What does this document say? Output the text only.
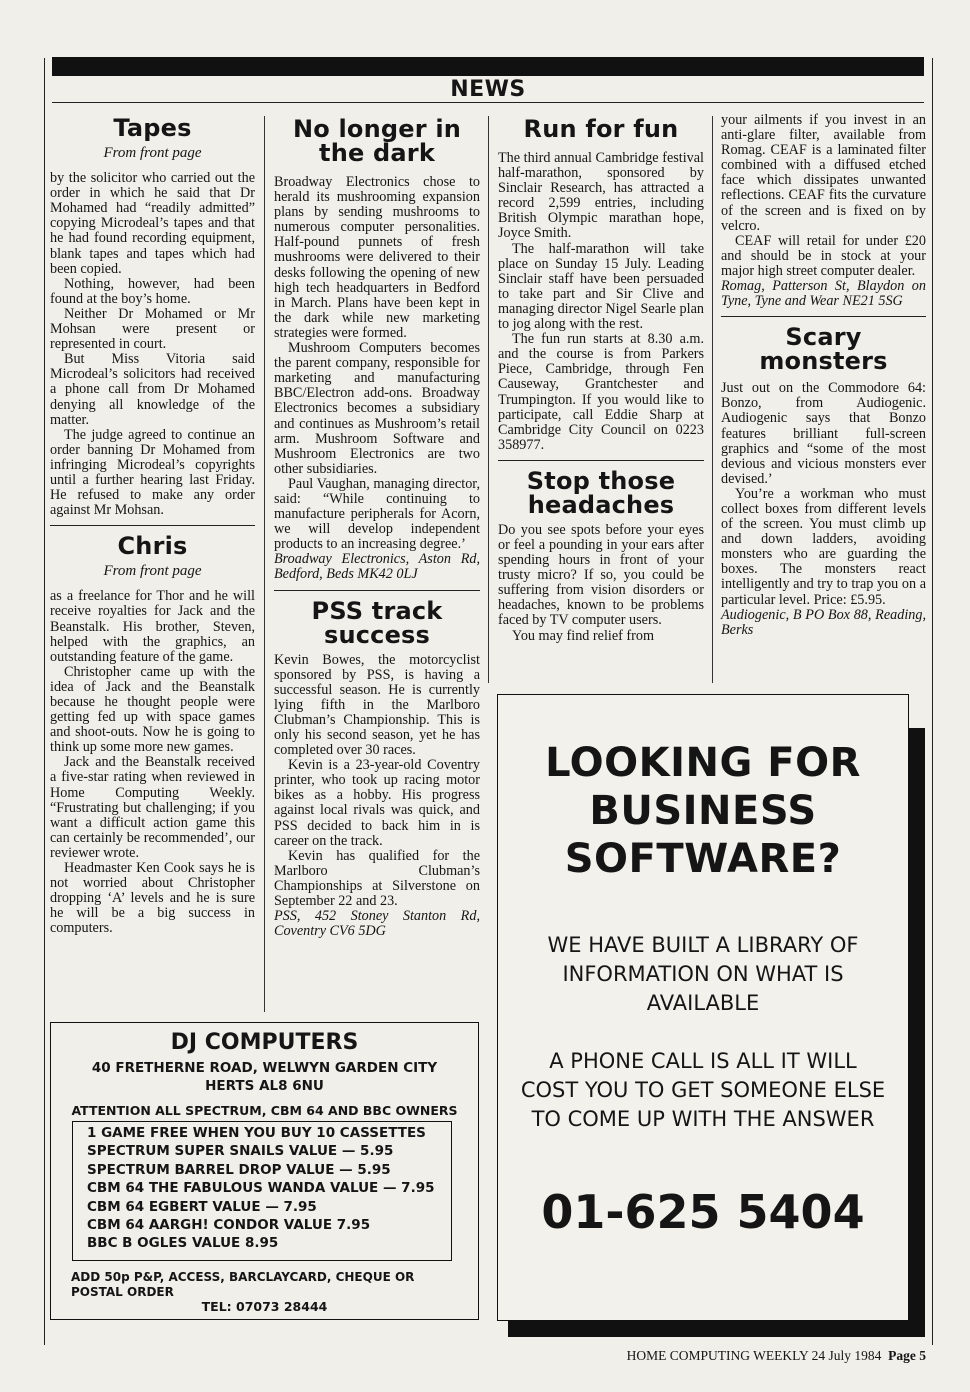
NEWS
Tapes
From front page

by the solicitor who carried out the order in which he said that Dr Mohamed had “readily admitted” copying Microdeal’s tapes and that he had found recording equipment, blank tapes and tapes which had been copied.

Nothing, however, had been found at the boy’s home.

Neither Dr Mohamed or Mr Mohsan were present or represented in court.

But Miss Vitoria said Microdeal’s solicitors had received a phone call from Dr Mohamed denying all knowledge of the matter.

The judge agreed to continue an order banning Dr Mohamed from infringing Microdeal’s copyrights until a further hearing last Friday. He refused to make any order against Mr Mohsan.

Chris
From front page

as a freelance for Thor and he will receive royalties for Jack and the Beanstalk. His brother, Steven, helped with the graphics, an outstanding feature of the game.

Christopher came up with the idea of Jack and the Beanstalk because he thought people were getting fed up with space games and shoot-outs. Now he is going to think up some more new games.

Jack and the Beanstalk received a five-star rating when reviewed in Home Computing Weekly. “Frustrating but challenging; if you want a difficult action game this can certainly be recommended’, our reviewer wrote.

Headmaster Ken Cook says he is not worried about Christopher dropping ‘A’ levels and he is sure he will be a big success in computers.

No longer in the dark

Broadway Electronics chose to herald its mushrooming expansion plans by sending mushrooms to numerous computer personalities. Half-pound punnets of fresh mushrooms were delivered to their desks following the opening of new high tech headquarters in Bedford in March. Plans have been kept in the dark while new marketing strategies were formed.

Mushroom Computers becomes the parent company, responsible for marketing and manufacturing BBC/Electron add-ons. Broadway Electronics becomes a subsidiary and continues as Mushroom’s retail arm. Mushroom Software and Mushroom Electronics are two other subsidiaries.

Paul Vaughan, managing director, said: “While continuing to manufacture peripherals for Acorn, we will develop independent products to an increasing degree.’

Broadway Electronics, Aston Rd, Bedford, Beds MK42 0LJ

PSS track success

Kevin Bowes, the motorcyclist sponsored by PSS, is having a successful season. He is currently lying fifth in the Marlboro Clubman’s Championship. This is only his second season, yet he has completed over 30 races.

Kevin is a 23-year-old Coventry printer, who took up racing motor bikes as a hobby. His progress against local rivals was quick, and PSS decided to back him in is career on the track.

Kevin has qualified for the Marlboro Clubman’s Championships at Silverstone on September 22 and 23.

PSS, 452 Stoney Stanton Rd, Coventry CV6 5DG

Run for fun

The third annual Cambridge festival half-marathon, sponsored by Sinclair Research, has attracted a record 2,599 entries, including British Olympic marathan hope, Joyce Smith.

The half-marathon will take place on Sunday 15 July. Leading Sinclair staff have been persuaded to take part and Sir Clive and managing director Nigel Searle plan to jog along with the rest.

The fun run starts at 8.30 a.m. and the course is from Parkers Piece, Cambridge, through Fen Causeway, Grantchester and Trumpington. If you would like to participate, call Eddie Sharp at Cambridge City Council on 0223 358977.

Stop those headaches

Do you see spots before your eyes or feel a pounding in your ears after spending hours in front of your trusty micro? If so, you could be suffering from vision disorders or headaches, known to be problems faced by TV computer users.

You may find relief from

your ailments if you invest in an anti-glare filter, available from Romag. CEAF is a laminated filter combined with a diffused etched face which dissipates unwanted reflections. CEAF fits the curvature of the screen and is fixed on by velcro.

CEAF will retail for under £20 and should be in stock at your major high street computer dealer.

Romag, Patterson St, Blaydon on Tyne, Tyne and Wear NE21 5SG

Scary monsters

Just out on the Commodore 64: Bonzo, from Audiogenic. Audiogenic says that Bonzo features brilliant full-screen graphics and “some of the most devious and vicious monsters ever devised.’

You’re a workman who must collect boxes from different levels of the screen. You must climb up and down ladders, avoiding monsters who are guarding the boxes. The monsters react intelligently and try to trap you on a particular level. Price: £5.95.

Audiogenic, B PO Box 88, Reading, Berks

DJ COMPUTERS
40 FRETHERNE ROAD, WELWYN GARDEN CITY
HERTS AL8 6NU
ATTENTION ALL SPECTRUM, CBM 64 AND BBC OWNERS
1 GAME FREE WHEN YOU BUY 10 CASSETTES
SPECTRUM SUPER SNAILS VALUE — 5.95
SPECTRUM BARREL DROP VALUE — 5.95
CBM 64 THE FABULOUS WANDA VALUE — 7.95
CBM 64 EGBERT VALUE — 7.95
CBM 64 AARGH! CONDOR VALUE 7.95
BBC B OGLES VALUE 8.95
ADD 50p P&P, ACCESS, BARCLAYCARD, CHEQUE OR
POSTAL ORDER
TEL: 07073 28444
LOOKING FOR
BUSINESS
SOFTWARE?
WE HAVE BUILT A LIBRARY OF
INFORMATION ON WHAT IS
AVAILABLE
A PHONE CALL IS ALL IT WILL
COST YOU TO GET SOMEONE ELSE
TO COME UP WITH THE ANSWER
01-625 5404
HOME COMPUTING WEEKLY 24 July 1984 Page 5
